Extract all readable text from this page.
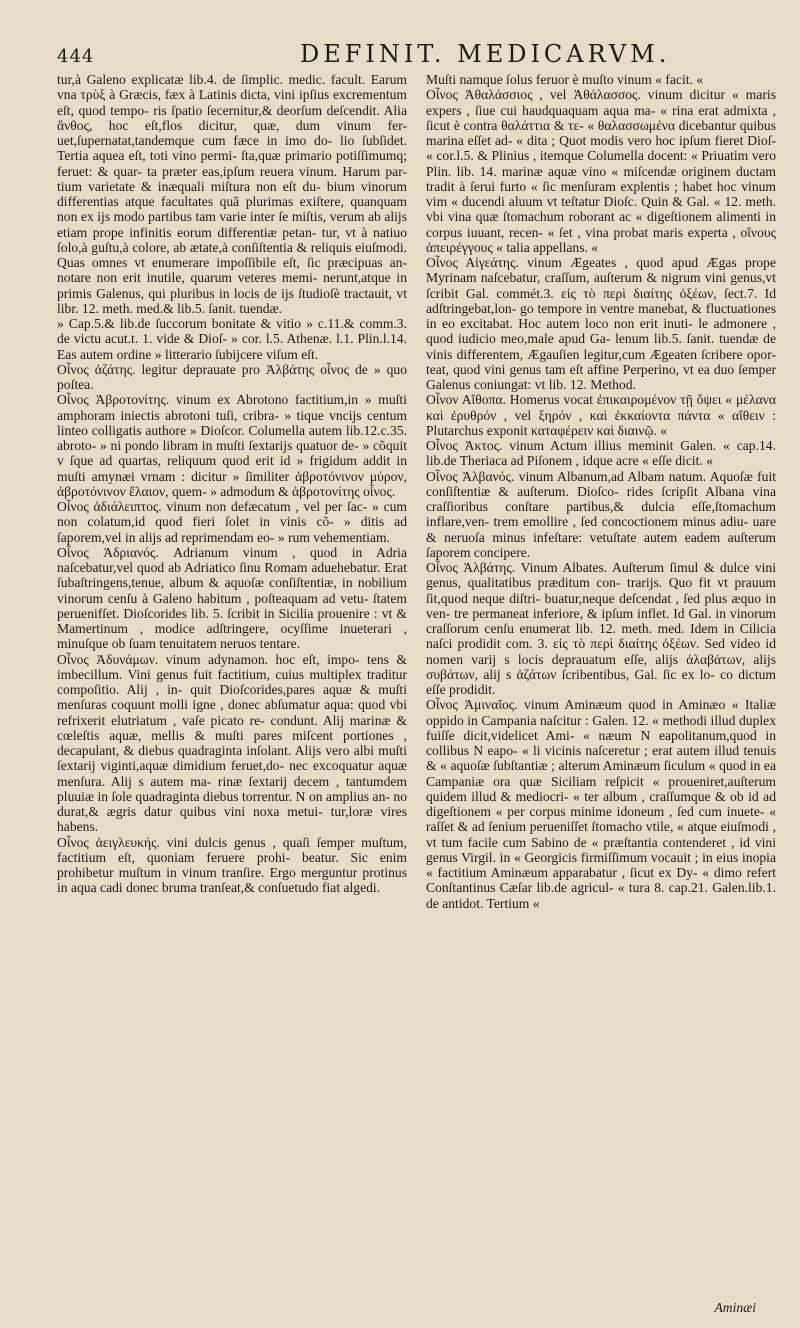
444	DEFINIT. MEDICARVM.

tur,à Galeno explicatæ lib.4. de ſimplic. medic. facult. Earum vna τρὺξ à Græcis, fæx à Latinis dicta, vini ipſius excrementum eſt, quod tempo- ris ſpatio ſecernitur,& deorſum deſcendit. Alia ἄνθος, hoc eſt,flos dicitur, quæ, dum vinum fer- uet,ſupernatat,tandemque cum fæce in imo do- lio ſubſidet. Tertia aquea eſt, toti vino permi- ſta,quæ primario potiſſimumq; feruet: & quar- ta præter eas,ipſum reuera vinum. Harum par- tium varietate & inæquali miſtura non eſt du- bium vinorum differentias atque facultates quã plurimas exiſtere, quanquam non ex ijs modo partibus tam varie inter ſe miſtis, verum ab alijs etiam prope infinitis eorum differentiæ petan- tur, vt à natiuo ſolo,à guſtu,à colore, ab ætate,à conſiſtentia & reliquis eiuſmodi. Quas omnes vt enumerare impoſſibile eſt, ſic præcipuas an- notare non erit inutile, quarum veteres memi- nerunt,atque in primis Galenus, qui pluribus in locis de ijs ſtudioſè tractauit, vt libr. 12. meth. med.& lib.5. ſanit. tuendæ.

» Cap.5.& lib.de ſuccorum bonitate & vitio » c.11.& comm.3. de victu acut.t. 1. vide & Dioſ- » cor. l.5. Athenæ. l.1. Plin.l.14. Eas autem ordine » litterario ſubijcere viſum eſt.

Οἶνος ἀζάτης. legitur deprauate pro Ἀλβάτης οἶνος de » quo poſtea.

Οἶνος Ἀβροτονίτης. vinum ex Abrotono factitium,in » muſti amphoram iniectis abrotoni tuſi, cribra- » tique vncijs centum linteo colligatis authore » Dioſcor. Columella autem lib.12.c.35. abroto- » ni pondo libram in muſti ſextarijs quatuor de- » cõquit v ſque ad quartas, reliquum quod erit id » frigidum addit in muſti amynæi vrnam : dicitur » ſimiliter ἀβροτόνινον μύρον, ἀβροτόνινον ἔλαιον, quem- » admodum & ἀβροτονίτης οἶνος.

Οἶνος ἀδιάλειπτος. vinum non defæcatum , vel per ſac- » cum non colatum,id quod fieri ſolet in vinis cõ- » ditis ad ſaporem,vel in alijs ad reprimendam eo- » rum vehementiam.

Οἶνος Ἀδριανός. Adrianum vinum , quod in Adria naſcebatur,vel quod ab Adriatico ſinu Romam aduehebatur. Erat ſubaſtringens,tenue, album & aquoſæ conſiſtentiæ, in nobilium vinorum cenſu à Galeno habitum , poſteaquam ad vetu- ſtatem peruenifſet. Dioſcorides lib. 5. ſcribit in Sicilia prouenire : vt & Mamertinum , modice adſtringere, ocyſſime inueterari , minuſque ob ſuam tenuitatem neruos tentare.

Οἶνος Ἀδυνάμων. vinum adynamon. hoc eſt, impo- tens & imbecillum. Vini genus fuit factitium, cuius multiplex traditur compoſitio. Alij , in- quit Dioſcorides,pares aquæ & muſti menſuras coquunt molli igne , donec abſumatur aqua: quod vbi refrixerit elutriatum , vaſe picato re- condunt. Alij marinæ & cœleſtis aquæ, mellis & muſti pares miſcent portiones , decapulant, & diebus quadraginta inſolant. Alijs vero albi muſti ſextarij viginti,aquæ dimidium feruet,do- nec excoquatur aquæ menſura. Alij s autem ma- rinæ ſextarij decem , tantumdem pluuiæ in ſole quadraginta diebus torrentur. N on amplius an- no durat,& ægris datur quibus vini noxa metui- tur,loræ vires habens.

Οἶνος ἀειγλευκής. vini dulcis genus , quaſi ſemper muſtum, factitium eſt, quoniam feruere prohi- beatur. Sic enim prohibetur muſtum in vinum tranſire. Ergo merguntur protinus in aqua cadi donec bruma tranſeat,& conſuetudo fiat algedi.

Muſti namque ſolus feruor è muſto vinum « facit. «

Οἶνος Ἀθαλάσσιος , vel Ἀθάλασσος. vinum dicitur « maris expers , ſiue cui haudquaquam aqua ma- « rina erat admixta , ſicut è contra θαλάττια & τε- « θαλασσωμένα dicebantur quibus marina eſſet ad- « dita ; Quot modis vero hoc ipſum fieret Dioſ- « cor.l.5. & Plinius , itemque Columella docent: « Priuatim vero Plin. lib. 14. marinæ aquæ vino « miſcendæ originem ductam tradit à ſerui furto « ſic menſuram explentis ; habet hoc vinum vim « ducendi aluum vt teſtatur Dioſc. Quin & Gal. « 12. meth. vbi vina quæ ſtomachum roborant ac « digeſtionem alimenti in corpus iuuant, recen- « ſet , vina probat maris experta , οἴνους ἀπειρέγγους « talia appellans. «

Οἶνος Αἰγεάτης. vinum Ægeates , quod apud Ægas prope Myrinam naſcebatur, craſſum, auſterum & nigrum vini genus,vt ſcribit Gal. commét.3. εἰς τὸ περὶ διαίτης ὀξέων, ſect.7. Id adſtringebat,lon- go tempore in ventre manebat, & fluctuationes in eo excitabat. Hoc autem loco non erit inuti- le admonere , quod iudicio meo,male apud Ga- lenum lib.5. ſanit. tuendæ de vinis differentem, Ægauſien legitur,cum Ægeaten ſcribere opor- teat, quod vini genus tam eſt affine Perperino, vt ea duo ſemper Galenus coniungat: vt lib. 12. Method.

Οἶνον Αἴθοπα. Homerus vocat ἐπικαιρομένον τῇ ὄψει « μέλανα καὶ ἐρυθρόν , vel ξηρόν , καὶ ἐκκαίοντα πάντα « αἴθειν : Plutarchus exponit καταφέρειν καὶ διαινῷ. «

Οἶνος Ἀκτος. vinum Actum illius meminit Galen. « cap.14. lib.de Theriaca ad Piſonem , idque acre « eſſe dicit. «

Οἶνος Ἀλβανός. vinum Albanum,ad Albam natum. Aquoſæ fuit conſiſtentiæ & auſterum. Dioſco- rides ſcripſit Albana vina craſſioribus conſtare partibus,& dulcia eſſe,ſtomachum inflare,ven- trem emollire , ſed concoctionem minus adiu- uare & neruoſa minus infeſtare: vetuſtate autem eadem auſterum ſaporem concipere.

Οἶνος Ἀλβάτης. Vinum Albates. Auſterum ſimul & dulce vini genus, qualitatibus præditum con- trarijs. Quo fit vt prauum ſit,quod neque diſtri- buatur,neque deſcendat , ſed plus æquo in ven- tre permaneat inferiore, & ipſum inflet. Id Gal. in vinorum craſſorum cenſu enumerat lib. 12. meth. med. Idem in Cilicia naſci prodidit com. 3. εἰς τὸ περὶ διαίτης ὀξέων. Sed video id nomen varij s locis deprauatum eſſe, alijs ἀλαβάτων, alijs συβάτων, alij s ἀζάτων ſcribentibus, Gal. ſic ex lo- co dictum eſſe prodidit.

Οἶνος Ἀμιναῖος. vinum Aminæum quod in Aminæo « Italiæ oppido in Campania naſcitur : Galen. 12. « methodi illud duplex fuiſſe dicit,videlicet Ami- « næum N eapolitanum,quod in collibus N eapo- « li vicinis naſceretur ; erat autem illud tenuis & « aquoſæ ſubſtantiæ ; alterum Aminæum ſiculum « quod in ea Campaniæ ora quæ Siciliam reſpicit « proueniret,auſterum quidem illud & mediocri- « ter album , craſſumque & ob id ad digeſtionem « per corpus minime idoneum , ſed cum inuete- « raſſet & ad ſenium perueniſſet ſtomacho vtile, « atque eiuſmodi , vt tum facile cum Sabino de « præſtantia contenderet , id vini genus Virgil. in « Georgicis firmiſſimum vocauit ; in eius inopia « factitium Aminæum apparabatur , ſicut ex Dy- « dimo refert Conſtantinus Cæſar lib.de agricul- « tura 8. cap.21. Galen.lib.1. de antidot. Tertium «

Aminæi
